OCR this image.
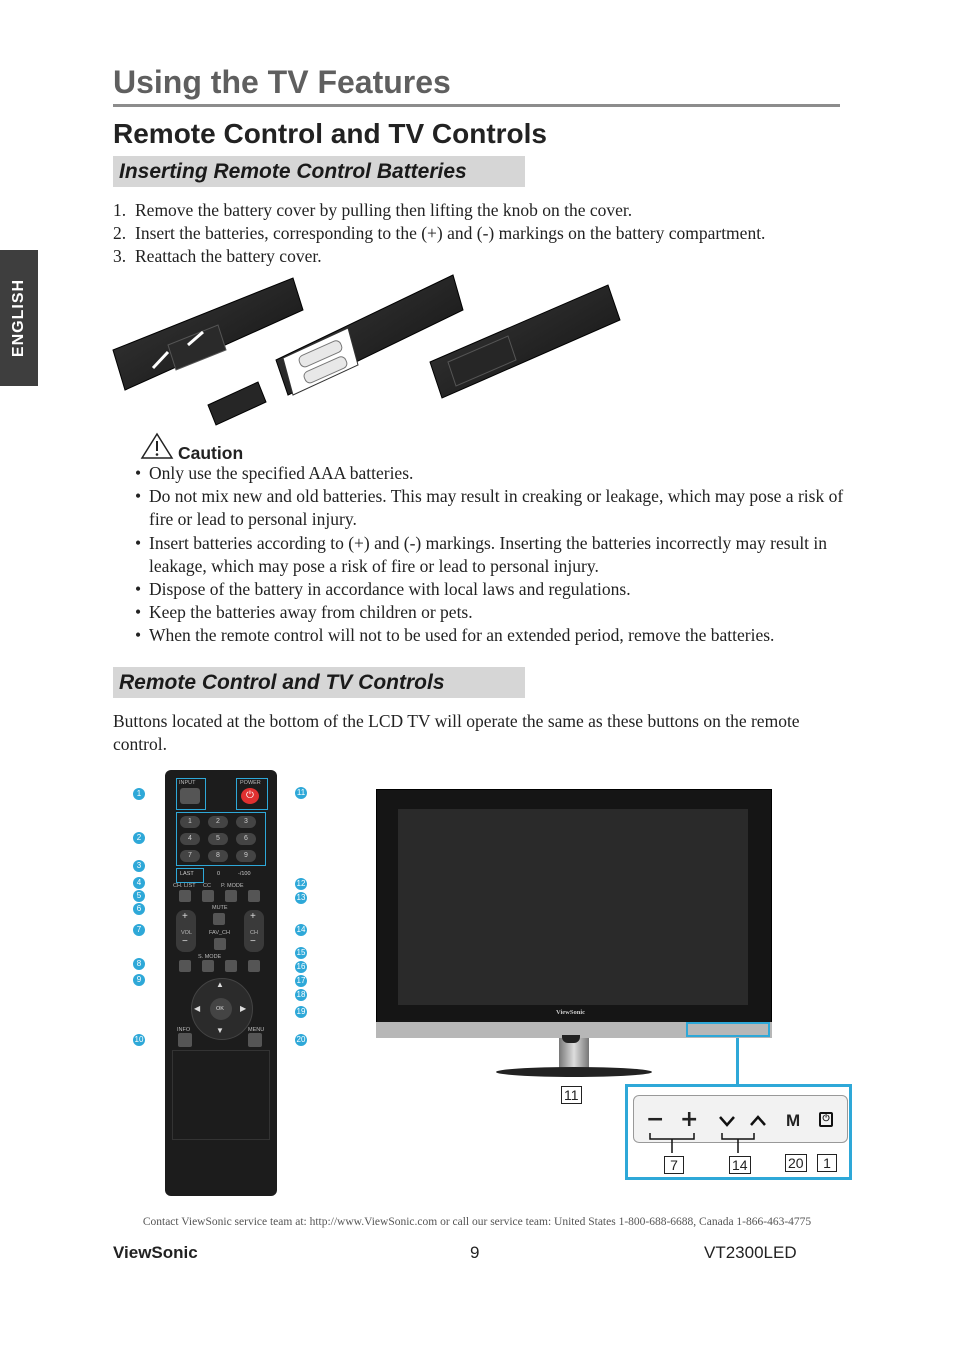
ENGLISH
Using the TV Features
Remote Control and TV Controls
Inserting Remote Control Batteries
1. Remove the battery cover by pulling then lifting the knob on the cover.
2. Insert the batteries, corresponding to the (+) and (-) markings on the battery compartment.
3. Reattach the battery cover.
Caution
• Only use the specified AAA batteries.
• Do not mix new and old batteries. This may result in creaking or leakage, which may pose a risk of fire or lead to personal injury.
• Insert batteries according to (+) and (-) markings. Inserting the batteries incorrectly may result in leakage, which may pose a risk of fire or lead to personal injury.
• Dispose of the battery in accordance with local laws and regulations.
• Keep the batteries away from children or pets.
• When the remote control will not to be used for an extended period, remove the batteries.
Remote Control and TV Controls
Buttons located at the bottom of the LCD TV will operate the same as these buttons on the remote control.
INPUT	POWER
⏻
LAST	0	-/100
CH. LIST CC P. MODE
MUTE
+
VOL
−
FAV_CH
+
CH
−
S. MODE
▲
▼
◀	▶
OK
INFO	MENU
1
2
3
4
5
6
7
8
9
10
11
12
13
14
15
16
17
18
19
20
1	2	3
4	5	6
7	8	9
ViewSonic
11
− +	M	⏻
7	14	20	1
Contact ViewSonic service team at: http://www.ViewSonic.com or call our service team: United States 1-800-688-6688, Canada 1-866-463-4775
ViewSonic	9	VT2300LED
